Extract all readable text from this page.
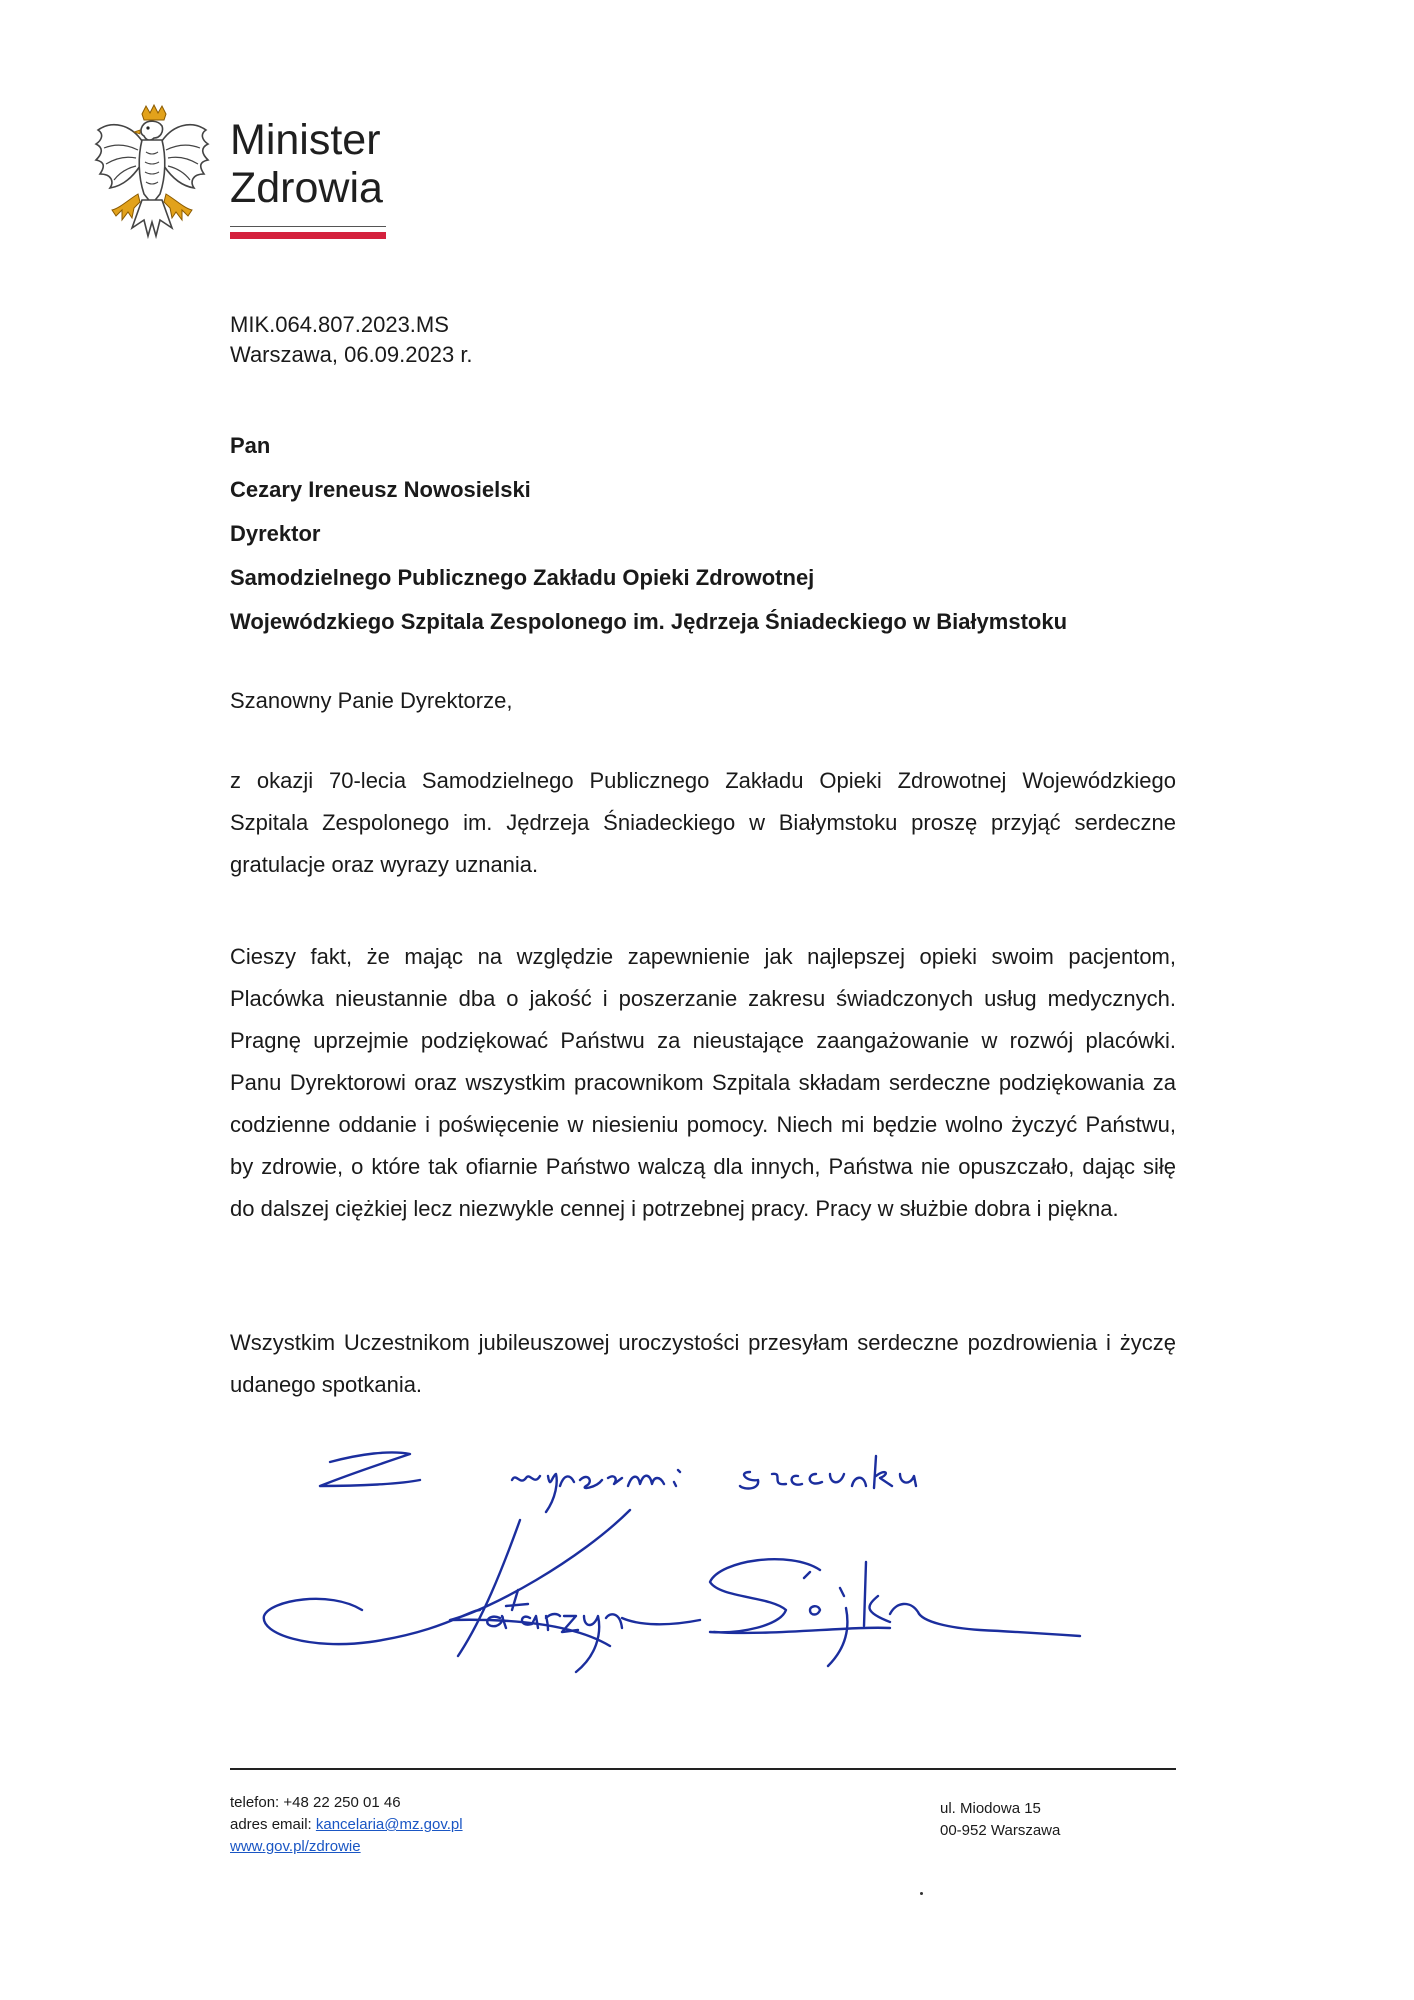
Minister
Zdrowia
MIK.064.807.2023.MS
Warszawa, 06.09.2023 r.
Pan
Cezary Ireneusz Nowosielski
Dyrektor
Samodzielnego Publicznego Zakładu Opieki Zdrowotnej
Wojewódzkiego Szpitala Zespolonego im. Jędrzeja Śniadeckiego w Białymstoku
Szanowny Panie Dyrektorze,
z okazji 70-lecia Samodzielnego Publicznego Zakładu Opieki Zdrowotnej Wojewódzkiego Szpitala Zespolonego im. Jędrzeja Śniadeckiego w Białymstoku proszę przyjąć serdeczne gratulacje oraz wyrazy uznania.
Cieszy fakt, że mając na względzie zapewnienie jak najlepszej opieki swoim pacjentom, Placówka nieustannie dba o jakość i poszerzanie zakresu świadczonych usług medycznych. Pragnę uprzejmie podziękować Państwu za nieustające zaangażowanie w rozwój placówki. Panu Dyrektorowi oraz wszystkim pracownikom Szpitala składam serdeczne podziękowania za codzienne oddanie i poświęcenie w niesieniu pomocy. Niech mi będzie wolno życzyć Państwu, by zdrowie, o które tak ofiarnie Państwo walczą dla innych, Państwa nie opuszczało, dając siłę do dalszej ciężkiej lecz niezwykle cennej i potrzebnej pracy. Pracy w służbie dobra i piękna.
Wszystkim Uczestnikom jubileuszowej uroczystości przesyłam serdeczne pozdrowienia i życzę udanego spotkania.
telefon: +48 22 250 01 46
adres email: kancelaria@mz.gov.pl
www.gov.pl/zdrowie
ul. Miodowa 15
00-952 Warszawa
